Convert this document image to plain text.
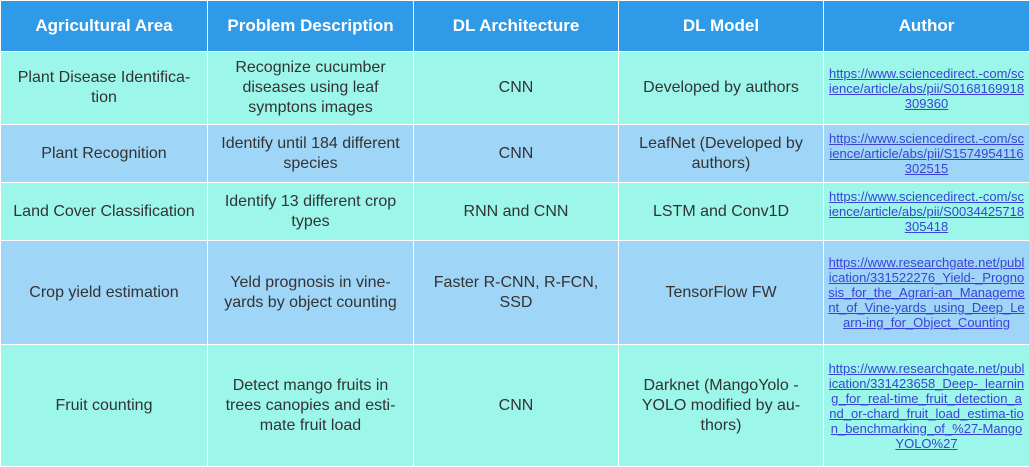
Agricultural Area	Problem Description	DL Architecture	DL Model	Author
Plant Disease Identifica-tion	Recognize cucumber diseases using leaf symptons images	CNN	Developed by authors	https://www.sciencedirect.-com/science/article/abs/pii/S0168169918309360
Plant Recognition	Identify until 184 different species	CNN	LeafNet (Developed by authors)	https://www.sciencedirect.-com/science/article/abs/pii/S1574954116302515
Land Cover Classification	Identify 13 different crop types	RNN and CNN	LSTM and Conv1D	https://www.sciencedirect.-com/science/article/abs/pii/S0034425718305418
Crop yield estimation	Yeld prognosis in vine-yards by object counting	Faster R-CNN, R-FCN, SSD	TensorFlow FW	https://www.researchgate.net/publication/331522276_Yield-_Prognosis_for_the_Agrari-an_Management_of_Vine-yards_using_Deep_Learn-ing_for_Object_Counting
Fruit counting	Detect mango fruits in trees canopies and esti-mate fruit load	CNN	Darknet (MangoYolo - YOLO modified by au-thors)	https://www.researchgate.net/publication/331423658_Deep-_learning_for_real-time_fruit_detection_and_or-chard_fruit_load_estima-tion_benchmarking_of_%27-MangoYOLO%27
